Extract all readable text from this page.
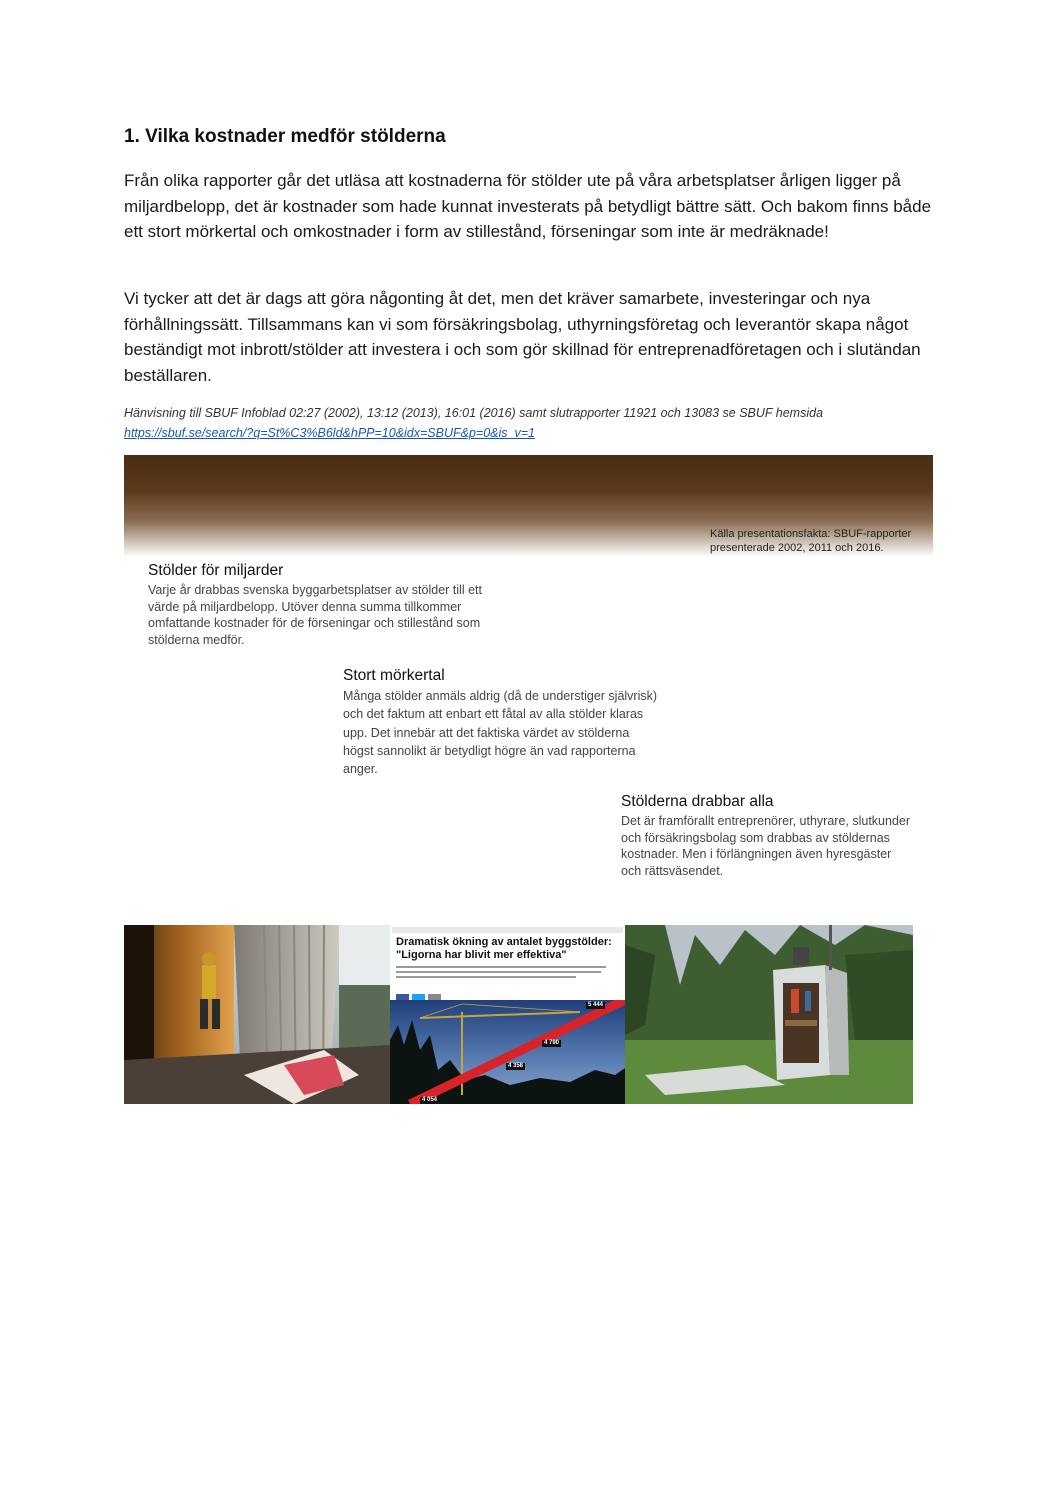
1. Vilka kostnader medför stölderna

Från olika rapporter går det utläsa att kostnaderna för stölder ute på våra arbetsplatser årligen ligger på miljardbelopp, det är kostnader som hade kunnat investerats på betydligt bättre sätt. Och bakom finns både ett stort mörkertal och omkostnader i form av stillestånd, förseningar som inte är medräknade!

Vi tycker att det är dags att göra någonting åt det, men det kräver samarbete, investeringar och nya förhållningssätt. Tillsammans kan vi som försäkringsbolag, uthyrningsföretag och leverantör skapa något beständigt mot inbrott/stölder att investera i och som gör skillnad för entreprenadföretagen och i slutändan beställaren.

Hänvisning till SBUF Infoblad 02:27 (2002), 13:12 (2013), 16:01 (2016) samt slutrapporter 11921 och 13083 se SBUF hemsida
https://sbuf.se/search/?q=St%C3%B6ld&hPP=10&idx=SBUF&p=0&is_v=1
Källa presentationsfakta: SBUF-rapporter presenterade 2002, 2011 och 2016.
Stölder för miljarder

Varje år drabbas svenska byggarbetsplatser av stölder till ett värde på miljardbelopp. Utöver denna summa tillkommer omfattande kostnader för de förseningar och stillestånd som stölderna medför.

Stort mörkertal

Många stölder anmäls aldrig (då de understiger självrisk) och det faktum att enbart ett fåtal av alla stölder klaras upp. Det innebär att det faktiska värdet av stölderna högst sannolikt är betydligt högre än vad rapporterna anger.

Stölderna drabbar alla

Det är framförallt entreprenörer, uthyrare, slutkunder och försäkringsbolag som drabbas av stöldernas kostnader. Men i förlängningen även hyresgäster och rättsväsendet.

Dramatisk ökning av antalet byggstölder: "Ligorna har blivit mer effektiva"
5 444
4 790
4 358
4 054
